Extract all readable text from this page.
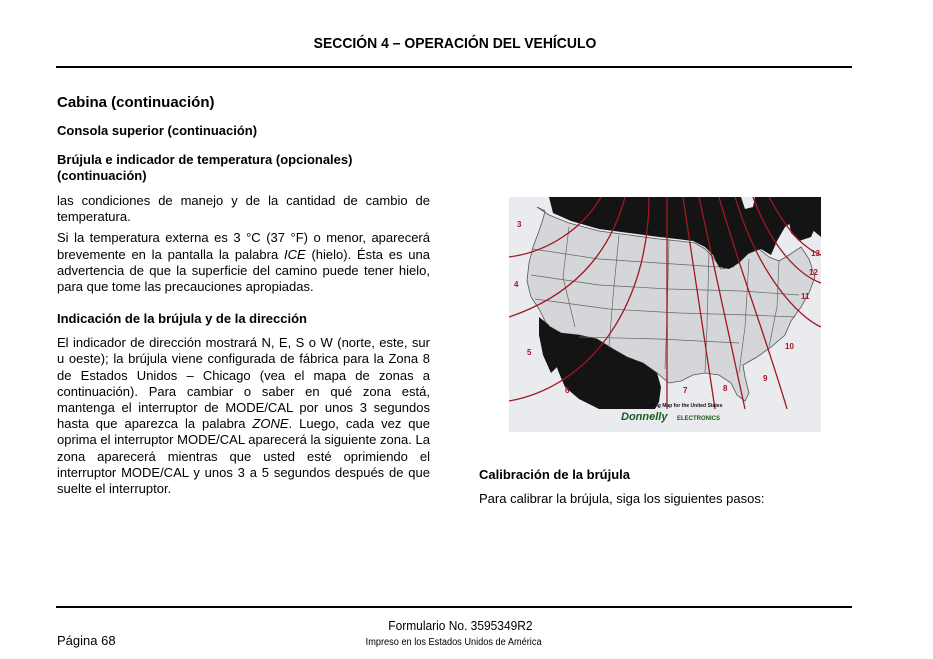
SECCIÓN 4 – OPERACIÓN DEL VEHÍCULO
Cabina (continuación)
Consola superior (continuación)
Brújula e indicador de temperatura (opcionales) (continuación)

las condiciones de manejo y de la cantidad de cambio de temperatura.

Si la temperatura externa es 3 °C (37 °F) o menor, aparecerá brevemente en la pantalla la palabra ICE (hielo). Ésta es una advertencia de que la superficie del camino puede tener hielo, para que tome las precauciones apropiadas.

Indicación de la brújula y de la dirección

El indicador de dirección mostrará N, E, S o W (norte, este, sur u oeste); la brújula viene configurada de fábrica para la Zona 8 de Estados Unidos – Chicago (vea el mapa de zonas a continuación). Para cambiar o saber en qué zona está, mantenga el interruptor de MODE/CAL por unos 3 segundos hasta que aparezca la palabra ZONE. Luego, cada vez que oprima el interruptor MODE/CAL aparecerá la siguiente zona. La zona aparecerá mientras que usted esté oprimiendo el interruptor MODE/CAL y unos 3 a 5 segundos después de que suelte el interruptor.

3
4
5
6	7	8
9
10
11
12
13
Magnetic Zone Setting Map for the United States
Donnelly ELECTRONICS
Calibración de la brújula

Para calibrar la brújula, siga los siguientes pasos:

Formulario No. 3595349R2
Impreso en los Estados Unidos de América
Página 68
